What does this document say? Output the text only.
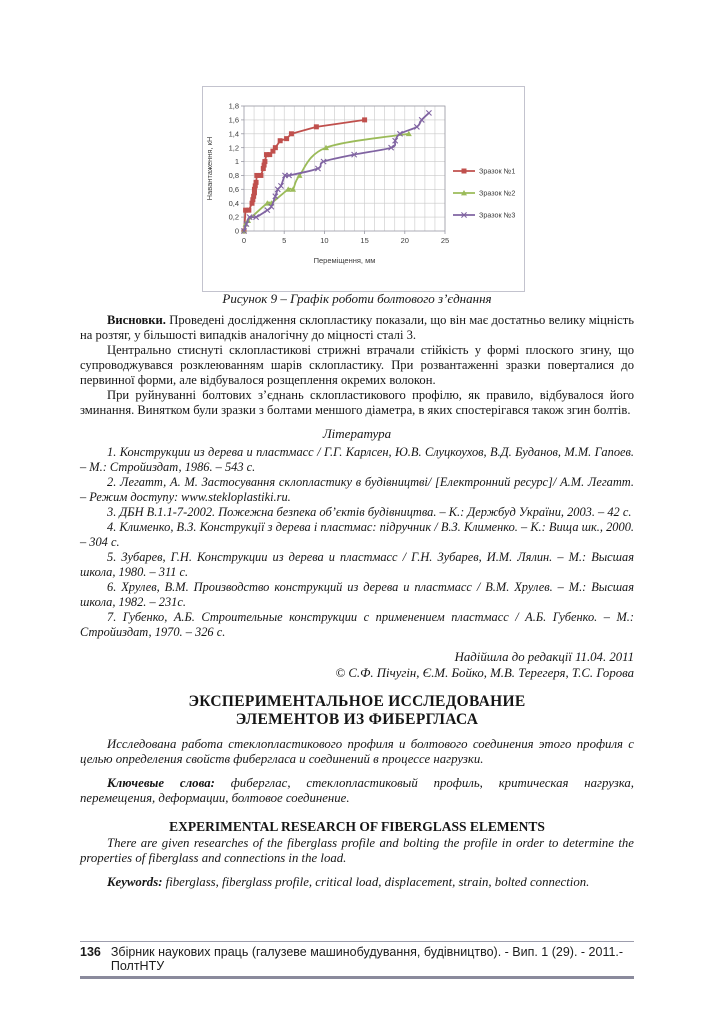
0	5	10	15	20	25
0
0,2
0,4
0,6
0,8
1
1,2
1,4
1,6
1,8
Переміщення, мм
Навантаження, кН	Зразок №1
Зразок №2
Зразок №3
Рисунок 9 – Графік роботи болтового з’єднання

Висновки. Проведені дослідження склопластику показали, що він має достатньо велику міцність на розтяг, у більшості випадків аналогічну до міцності сталі 3.

Центрально стиснуті склопластикові стрижні втрачали стійкість у формі плоского згину, що супроводжувався розклеюванням шарів склопластику. При розвантаженні зразки поверталися до первинної форми, але відбувалося розщеплення окремих волокон.

При руйнуванні болтових з’єднань склопластикового профілю, як правило, відбувалося його зминання. Винятком були зразки з болтами меншого діаметра, в яких спостерігався також згин болтів.

Література

1. Конструкции из дерева и пластмасс / Г.Г. Карлсен, Ю.В. Слуцкоухов, В.Д. Буданов, М.М. Гапоев. – М.: Стройиздат, 1986. – 543 с.

2. Легатт, А. М. Застосування склопластику в будівництві/ [Електронний ресурс]/ А.М. Легатт. – Режим доступу: www.stekloplastiki.ru.

3. ДБН В.1.1-7-2002. Пожежна безпека об’єктів будівництва. – К.: Держбуд України, 2003. – 42 с.

4. Клименко, В.З. Конструкції з дерева і пластмас: підручник / В.З. Клименко. – К.: Вища шк., 2000. – 304 с.

5. Зубарев, Г.Н. Конструкции из дерева и пластмасс / Г.Н. Зубарев, И.М. Лялин. – М.: Высшая школа, 1980. – 311 с.

6. Хрулев, В.М. Производство конструкций из дерева и пластмасс / В.М. Хрулев. – М.: Высшая школа, 1982. – 231с.

7. Губенко, А.Б. Строительные конструкции с применением пластмасс / А.Б. Губенко. – М.: Стройиздат, 1970. – 326 с.

Надійшла до редакції 11.04. 2011

© С.Ф. Пічугін, Є.М. Бойко, М.В. Терегеря, Т.С. Горова

ЭКСПЕРИМЕНТАЛЬНОЕ ИССЛЕДОВАНИЕ
ЭЛЕМЕНТОВ ИЗ ФИБЕРГЛАСА

Исследована работа стеклопластикового профиля и болтового соединения этого профиля с целью определения свойств фибергласа и соединений в процессе нагрузки.

Ключевые слова: фиберглас, стеклопластиковый профиль, критическая нагрузка, перемещения, деформации, болтовое соединение.

EXPERIMENTAL RESEARCH OF FIBERGLASS ELEMENTS

There are given researches of the fiberglass profile and bolting the profile in order to determine the properties of fiberglass and connections in the load.

Keywords: fiberglass, fiberglass profile, critical load, displacement, strain, bolted connection.

136 Збірник наукових праць (галузеве машинобудування, будівництво). - Вип. 1 (29). - 2011.-ПолтНТУ
